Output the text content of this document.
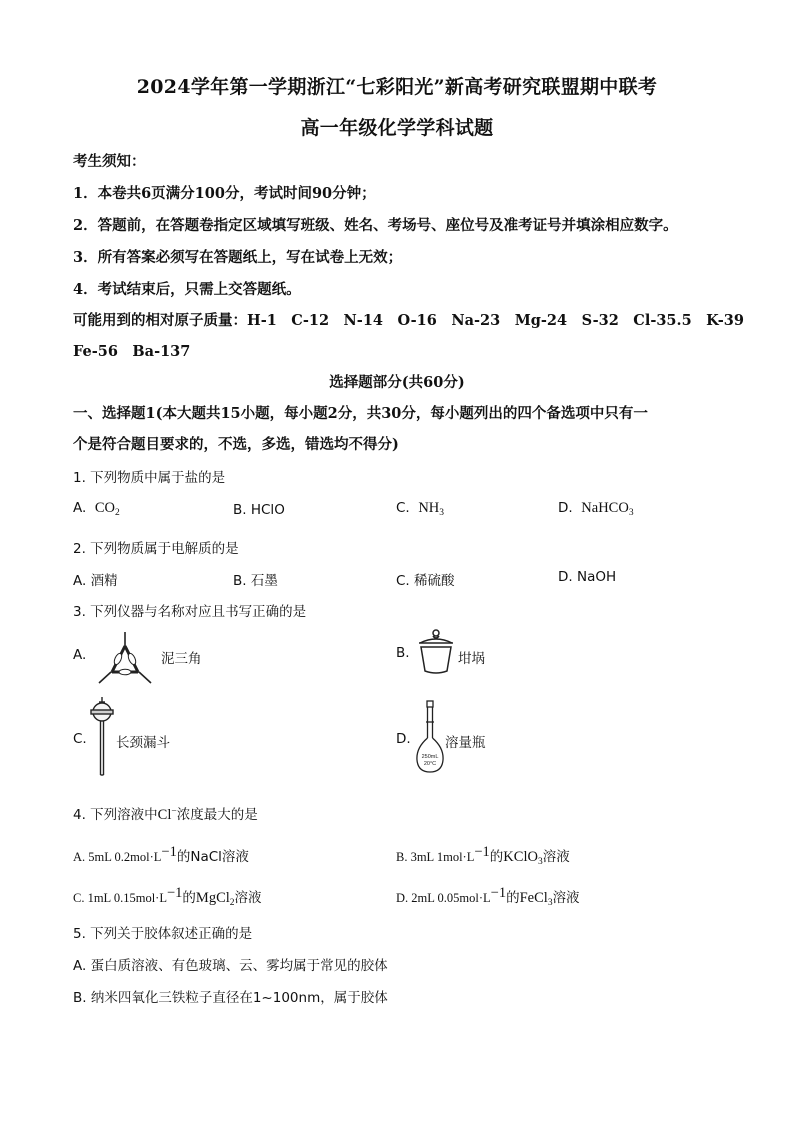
2024学年第一学期浙江“七彩阳光”新高考研究联盟期中联考
高一年级化学学科试题
考生须知：
1．本卷共6页满分100分，考试时间90分钟；
2．答题前，在答题卷指定区域填写班级、姓名、考场号、座位号及准考证号并填涂相应数字。
3．所有答案必须写在答题纸上，写在试卷上无效；
4．考试结束后，只需上交答题纸。
可能用到的相对原子质量：H-1　C-12　N-14　O-16　Na-23　Mg-24　S-32　Cl-35.5　K-39
Fe-56　Ba-137
选择题部分(共60分)
一、选择题1(本大题共15小题，每小题2分，共30分，每小题列出的四个备选项中只有一
个是符合题目要求的，不选，多选，错选均不得分)
1. 下列物质中属于盐的是
A. $CO_2$	B. HClO	C. $NH_3$	D. NaHCO$_3$
2. 下列物质属于电解质的是
A. 酒精	B. 石墨	C. 稀硫酸	D. NaOH
3. 下列仪器与名称对应且书写正确的是
A.	泥三角	B.	坩埚
C. 长颈漏斗	D.
250mL
20°C
溶量瓶
4. 下列溶液中Cl−浓度最大的是
A. 5mL $0.2mol\cdot L^{-1}$的NaCl溶液	B. 3mL $1mol\cdot L^{-1}$的KClO$_3$溶液
C. 1mL $0.15mol\cdot L^{-1}$的MgCl$_2$溶液	D. 2mL $0.05mol\cdot L^{-1}$的FeCl$_3$溶液
5. 下列关于胶体叙述正确的是
A. 蛋白质溶液、有色玻璃、云、雾均属于常见的胶体
B. 纳米四氧化三铁粒子直径在1~100nm，属于胶体
